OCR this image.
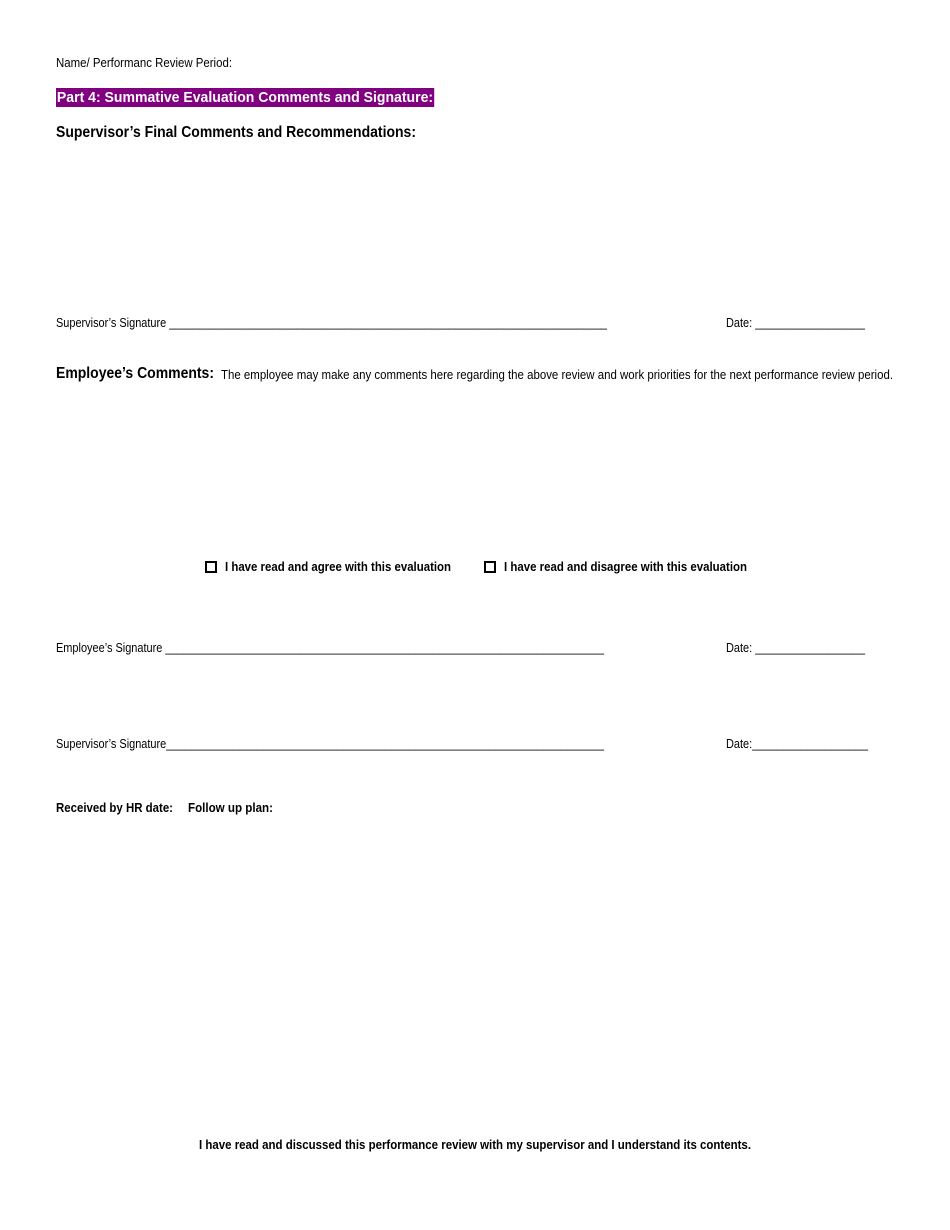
Name/ Performanc Review Period:
Part 4: Summative Evaluation Comments and Signature:
Supervisor’s Final Comments and Recommendations:
Supervisor’s Signature ________________________________________________________________________	Date: __________________
Employee’s Comments: The employee may make any comments here regarding the above review and work priorities for the next performance review period.
I have read and agree with this evaluation	I have read and disagree with this evaluation
Employee’s Signature ________________________________________________________________________	Date: __________________
Supervisor’s Signature________________________________________________________________________	Date:___________________
Received by HR date: Follow up plan:
I have read and discussed this performance review with my supervisor and I understand its contents.
